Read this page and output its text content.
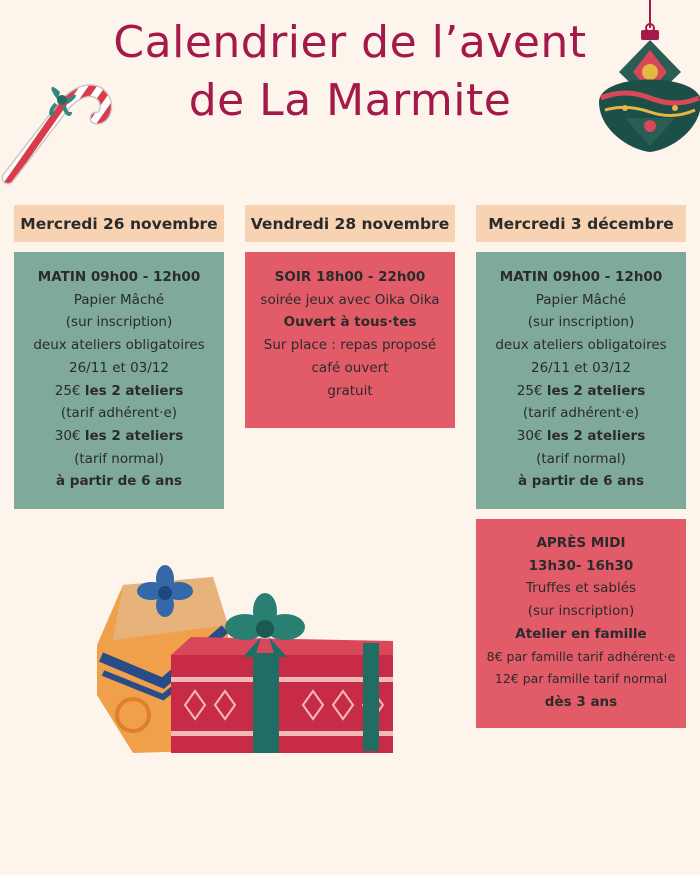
Calendrier de l’avent
de La Marmite
Mercredi 26 novembre	Vendredi 28 novembre	Mercredi 3 décembre
MATIN 09h00 - 12h00
Papier Mâché
(sur inscription)
deux ateliers obligatoires
26/11 et 03/12
25€ les 2 ateliers
(tarif adhérent·e)
30€ les 2 ateliers
(tarif normal)
à partir de 6 ans
SOIR 18h00 - 22h00
soirée jeux avec Oika Oika
Ouvert à tous·tes
Sur place : repas proposé
café ouvert
gratuit
MATIN 09h00 - 12h00
Papier Mâché
(sur inscription)
deux ateliers obligatoires
26/11 et 03/12
25€ les 2 ateliers
(tarif adhérent·e)
30€ les 2 ateliers
(tarif normal)
à partir de 6 ans
APRÈS MIDI
13h30- 16h30
Truffes et sablés
(sur inscription)
Atelier en famille
8€ par famille tarif adhérent·e
12€ par famille tarif normal
dès 3 ans
